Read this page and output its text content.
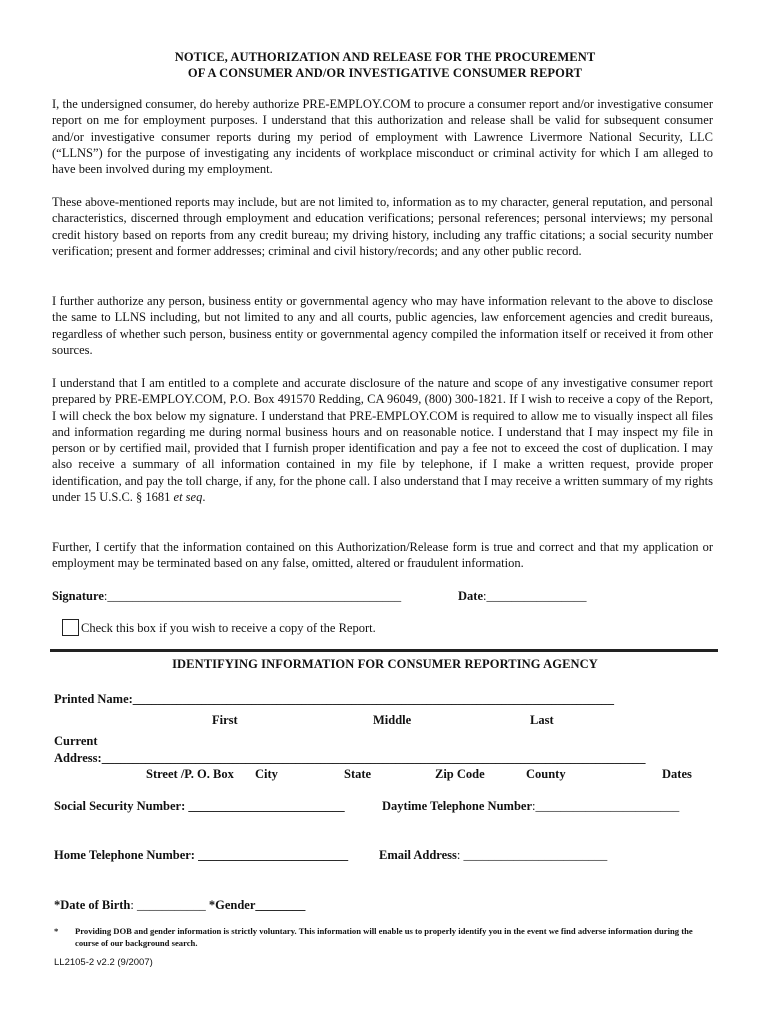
NOTICE, AUTHORIZATION AND RELEASE FOR THE PROCUREMENT
OF A CONSUMER AND/OR INVESTIGATIVE CONSUMER REPORT
I, the undersigned consumer, do hereby authorize PRE-EMPLOY.COM to procure a consumer report and/or investigative consumer report on me for employment purposes. I understand that this authorization and release shall be valid for subsequent consumer and/or investigative consumer reports during my period of employment with Lawrence Livermore National Security, LLC (“LLNS”) for the purpose of investigating any incidents of workplace misconduct or criminal activity for which I am alleged to have been involved during my employment.
These above-mentioned reports may include, but are not limited to, information as to my character, general reputation, and personal characteristics, discerned through employment and education verifications; personal references; personal interviews; my personal credit history based on reports from any credit bureau; my driving history, including any traffic citations; a social security number verification; present and former addresses; criminal and civil history/records; and any other public record.
I further authorize any person, business entity or governmental agency who may have information relevant to the above to disclose the same to LLNS including, but not limited to any and all courts, public agencies, law enforcement agencies and credit bureaus, regardless of whether such person, business entity or governmental agency compiled the information itself or received it from other sources.
I understand that I am entitled to a complete and accurate disclosure of the nature and scope of any investigative consumer report prepared by PRE-EMPLOY.COM, P.O. Box 491570 Redding, CA 96049, (800) 300-1821. If I wish to receive a copy of the Report, I will check the box below my signature. I understand that PRE-EMPLOY.COM is required to allow me to visually inspect all files and information regarding me during normal business hours and on reasonable notice. I understand that I may inspect my file in person or by certified mail, provided that I furnish proper identification and pay a fee not to exceed the cost of duplication. I may also receive a summary of all information contained in my file by telephone, if I make a written request, provide proper identification, and pay the toll charge, if any, for the phone call. I also understand that I may receive a written summary of my rights under 15 U.S.C. § 1681 et seq.
Further, I certify that the information contained on this Authorization/Release form is true and correct and that my application or employment may be terminated based on any false, omitted, altered or fraudulent information.
Signature:_______________________________________________	Date:________________
Check this box if you wish to receive a copy of the Report.
IDENTIFYING INFORMATION FOR CONSUMER REPORTING AGENCY
Printed Name:_____________________________________________________________________________
First	Middle	Last
Current
Address:_______________________________________________________________________________________
Street /P. O. Box City	State	Zip Code	County	Dates
Social Security Number: _________________________	Daytime Telephone Number:_______________________
Home Telephone Number: ________________________ Email Address: _______________________
*Date of Birth: ___________ *Gender________
* Providing DOB and gender information is strictly voluntary. This information will enable us to properly identify you in the event we find adverse information during the course of our background search.
LL2105-2 v2.2 (9/2007)
